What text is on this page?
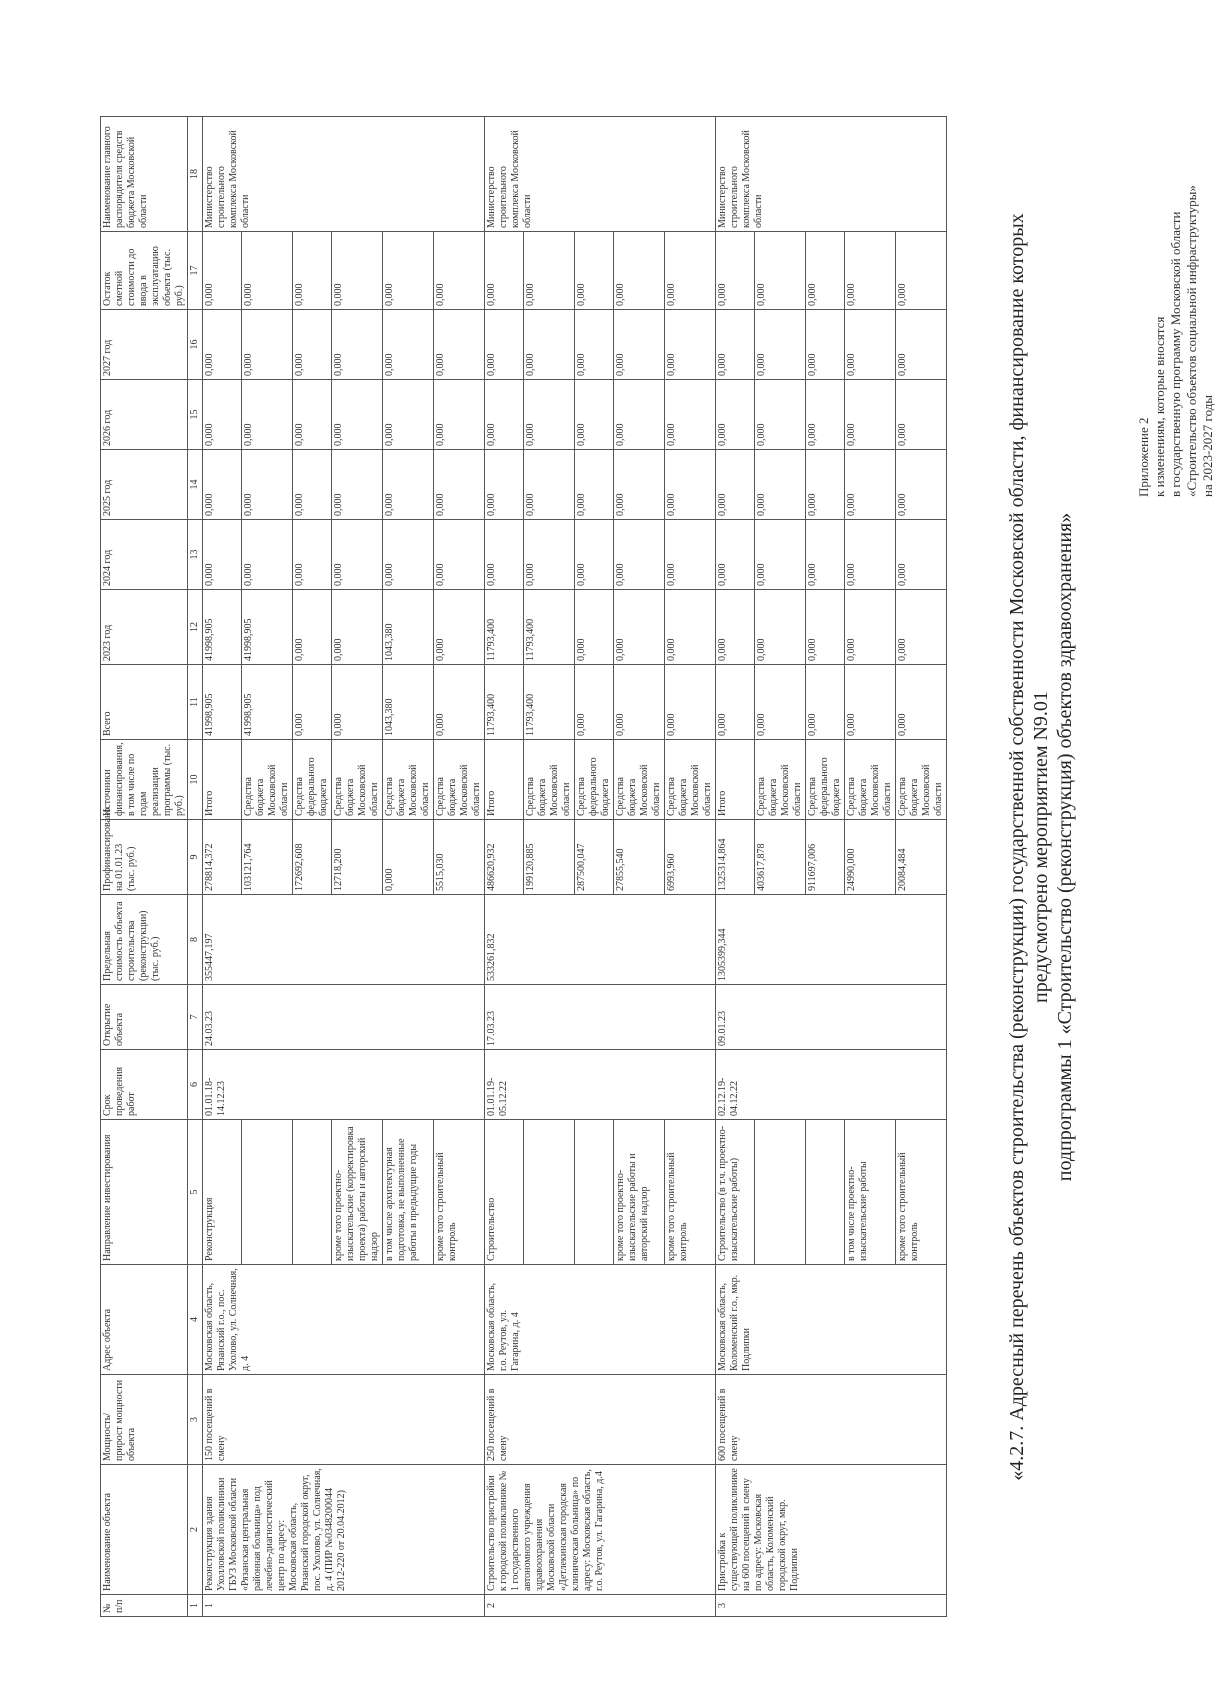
Приложение 2 к изменениям, которые вносятся в государственную программу Московской области «Строительство объектов социальной инфраструктуры» на 2023-2027 годы
«4.2.7. Адресный перечень объектов строительства (реконструкции) государственной собственности Московской области, финансирование которых предусмотрено мероприятием N9.01 подпрограммы 1 «Строительство (реконструкция) объектов здравоохранения»
№ п/п	Наименование объекта	Мощность/ прирост мощности объекта	Адрес объекта	Направление инвестирования	Срок проведения работ	Открытие объекта	Предельная стоимость объекта строительства (реконструкции) (тыс. руб.)	Профинансировано на 01.01.23 (тыс. руб.)	Источники финансирования, в том числе по годам реализации программы (тыс. руб.)	Всего	2023 год	2024 год	2025 год	2026 год	2027 год	Остаток сметной стоимости до ввода в эксплуатацию объекта (тыс. руб.)	Наименование главного распорядителя средств бюджета Московской области
1	2	3	4	5	6	7	8	9	10	11	12	13	14	15	16	17	18
1	Реконструкция здания Ухолловской поликлиники ГБУЗ Московской области «Рязанская центральная районная больница» под лечебно-диагностический центр по адресу: Московская область, Рязанский городской округ, пос. Ухолово, ул. Солнечная, д. 4 (ПИР №0348200044 2012-220 от 20.04.2012)	150 посещений в смену	Московская область, Рязанский г.о., пос. Ухолово, ул. Солнечная, д. 4	Реконструкция	01.01.18-14.12.23	24.03.23	355447,197	278814,372	Итого	41998,905	41998,905	0,000	0,000	0,000	0,000	0,000	Министерство строительного комплекса Московской области
								103121,764	Средства бюджета Московской области	41998,905	41998,905	0,000	0,000	0,000	0,000	0,000	
								172692,608	Средства федерального бюджета	0,000	0,000	0,000	0,000	0,000	0,000	0,000	
				кроме того проектно-изыскательские (корректировка проекта) работы и авторский надзор				12718,200	Средства бюджета Московской области	0,000	0,000	0,000	0,000	0,000	0,000	0,000	
				в том числе архитектурная подготовка, не выполненные работы в предыдущие годы				0,000	Средства бюджета Московской области	1043,380	1043,380	0,000	0,000	0,000	0,000	0,000	
				кроме того строительный контроль				5515,030	Средства бюджета Московской области	0,000	0,000	0,000	0,000	0,000	0,000	0,000	
2	Строительство пристройки к городской поликлинике № 1 государственного автономного учреждения здравоохранения Московской области «Детлекинская городская клиническая больница» по адресу: Московская область, г.о. Реутов, ул. Гагарина, д.4	250 посещений в смену	Московская область, г.о. Реутов, ул. Гагарина, д. 4	Строительство	01.01.19-05.12.22	17.03.23	533261,832	486620,932	Итого	11793,400	11793,400	0,000	0,000	0,000	0,000	0,000	Министерство строительного комплекса Московской области
								199120,885	Средства бюджета Московской области	11793,400	11793,400	0,000	0,000	0,000	0,000	0,000	
								287500,047	Средства федерального бюджета	0,000	0,000	0,000	0,000	0,000	0,000	0,000	
				кроме того проектно-изыскательские работы и авторский надзор				27855,540	Средства бюджета Московской области	0,000	0,000	0,000	0,000	0,000	0,000	0,000	
				кроме того строительный контроль				6993,960	Средства бюджета Московской области	0,000	0,000	0,000	0,000	0,000	0,000	0,000	
3	Пристройка к существующей поликлинике на 600 посещений в смену по адресу: Московская область, Коломенский городской округ, мкр. Подлипки	600 посещений в смену	Московская область, Коломенский г.о., мкр. Подлипки	Строительство (в т.ч. проектно-изыскательские работы)	02.12.19-04.12.22	09.01.23	1305399,344	1325314,864	Итого	0,000	0,000	0,000	0,000	0,000	0,000	0,000	Министерство строительного комплекса Московской области
								403617,878	Средства бюджета Московской области	0,000	0,000	0,000	0,000	0,000	0,000	0,000	
								911697,006	Средства федерального бюджета	0,000	0,000	0,000	0,000	0,000	0,000	0,000	
				в том числе проектно-изыскательские работы				24990,000	Средства бюджета Московской области	0,000	0,000	0,000	0,000	0,000	0,000	0,000	
				кроме того строительный контроль				20084,484	Средства бюджета Московской области	0,000	0,000	0,000	0,000	0,000	0,000	0,000	
